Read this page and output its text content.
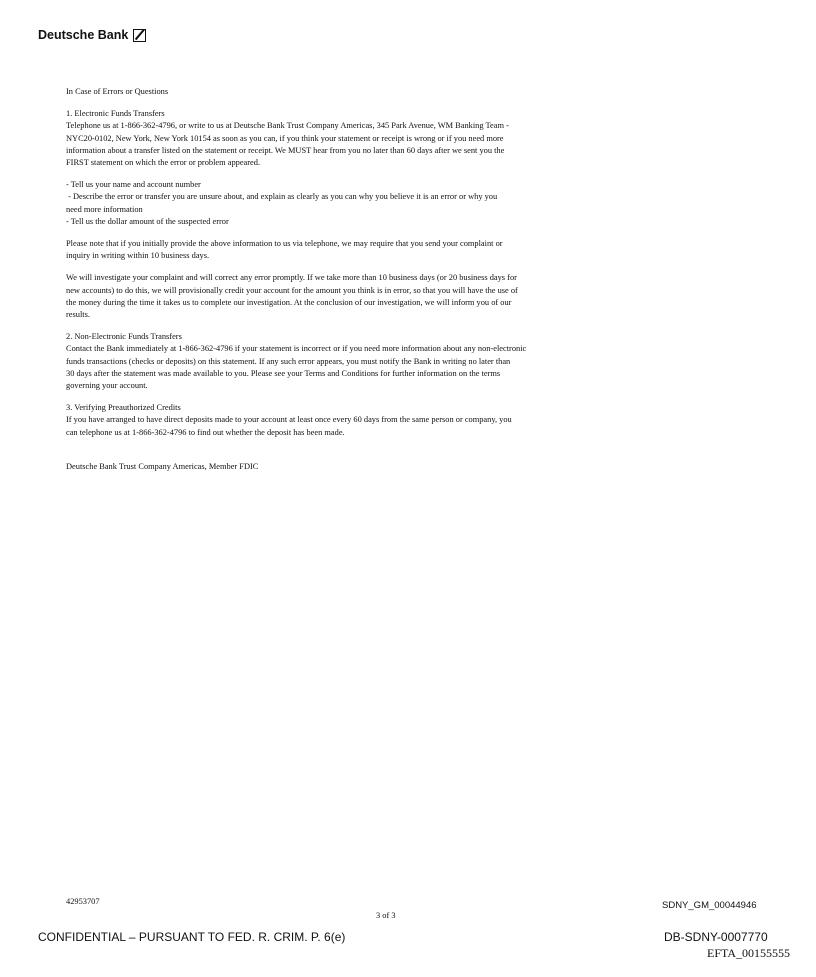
Deutsche Bank

In Case of Errors or Questions

1. Electronic Funds Transfers
Telephone us at 1-866-362-4796, or write to us at Deutsche Bank Trust Company Americas, 345 Park Avenue, WM Banking Team -
NYC20-0102, New York, New York 10154 as soon as you can, if you think your statement or receipt is wrong or if you need more
information about a transfer listed on the statement or receipt. We MUST hear from you no later than 60 days after we sent you the
FIRST statement on which the error or problem appeared.

- Tell us your name and account number
- Describe the error or transfer you are unsure about, and explain as clearly as you can why you believe it is an error or why you
need more information
- Tell us the dollar amount of the suspected error

Please note that if you initially provide the above information to us via telephone, we may require that you send your complaint or
inquiry in writing within 10 business days.

We will investigate your complaint and will correct any error promptly. If we take more than 10 business days (or 20 business days for
new accounts) to do this, we will provisionally credit your account for the amount you think is in error, so that you will have the use of
the money during the time it takes us to complete our investigation. At the conclusion of our investigation, we will inform you of our
results.

2. Non-Electronic Funds Transfers
Contact the Bank immediately at 1-866-362-4796 if your statement is incorrect or if you need more information about any non-electronic
funds transactions (checks or deposits) on this statement. If any such error appears, you must notify the Bank in writing no later than
30 days after the statement was made available to you. Please see your Terms and Conditions for further information on the terms
governing your account.

3. Verifying Preauthorized Credits
If you have arranged to have direct deposits made to your account at least once every 60 days from the same person or company, you
can telephone us at 1-866-362-4796 to find out whether the deposit has been made.

Deutsche Bank Trust Company Americas, Member FDIC

42953707
3 of 3
SDNY_GM_00044946
CONFIDENTIAL – PURSUANT TO FED. R. CRIM. P. 6(e)	DB-SDNY-0007770
EFTA_00155555
